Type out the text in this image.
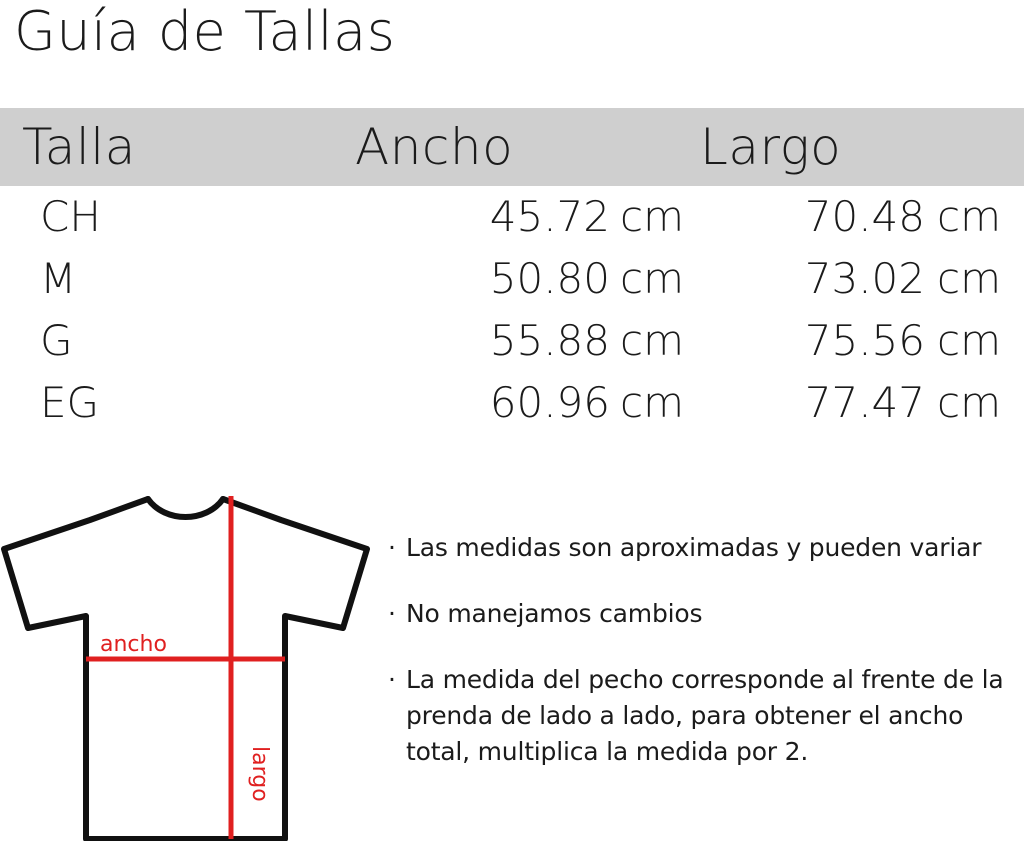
Guía de Tallas
Talla	Ancho	Largo
CH	45.72 cm	70.48 cm
M	50.80 cm	73.02 cm
G	55.88 cm	75.56 cm
EG	60.96 cm	77.47 cm
ancho
largo
· Las medidas son aproximadas y pueden variar
· No manejamos cambios
· La medida del pecho corresponde al frente de la prenda de lado a lado, para obtener el ancho total, multiplica la medida por 2.
